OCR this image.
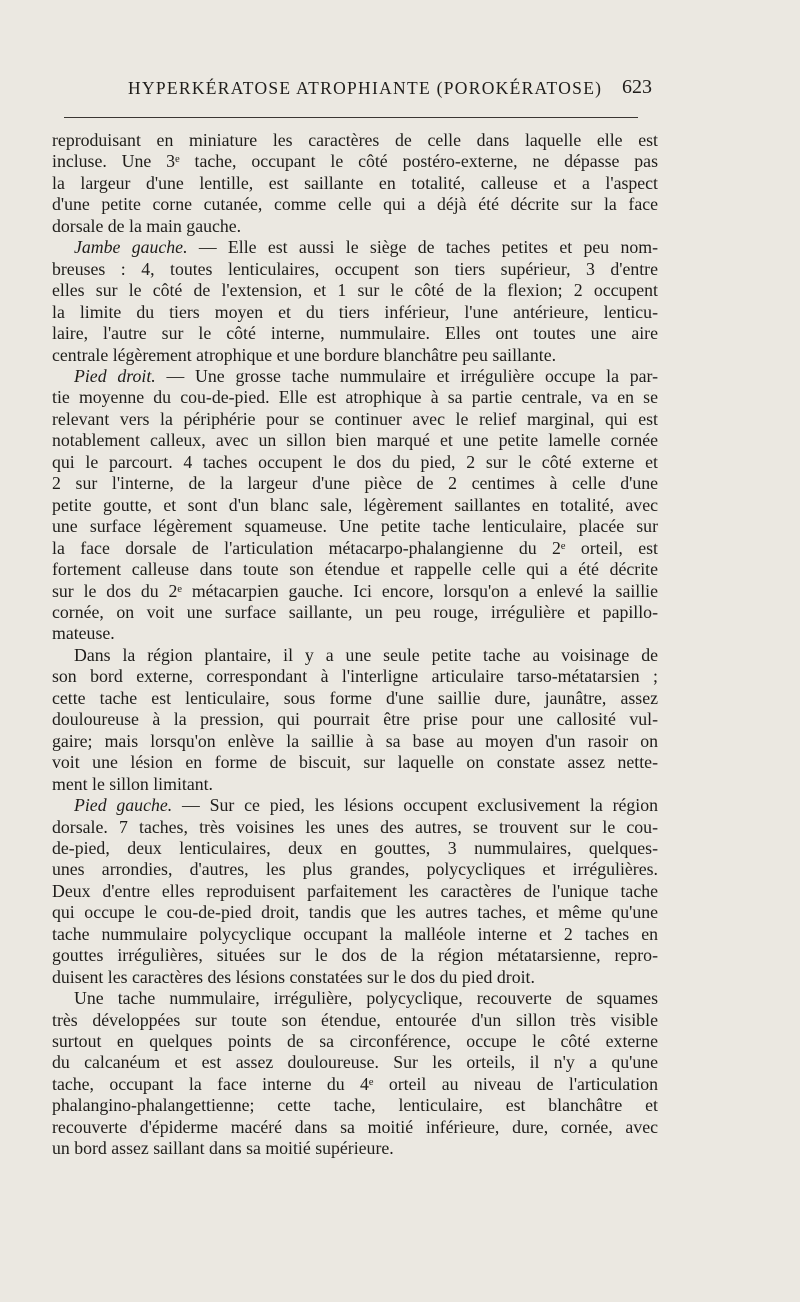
HYPERKÉRATOSE ATROPHIANTE (POROKÉRATOSE) 623

reproduisant en miniature les caractères de celle dans laquelle elle est

incluse. Une 3ᵉ tache, occupant le côté postéro-externe, ne dépasse pas

la largeur d'une lentille, est saillante en totalité, calleuse et a l'aspect

d'une petite corne cutanée, comme celle qui a déjà été décrite sur la face

dorsale de la main gauche.

Jambe gauche. — Elle est aussi le siège de taches petites et peu nom-

breuses : 4, toutes lenticulaires, occupent son tiers supérieur, 3 d'entre

elles sur le côté de l'extension, et 1 sur le côté de la flexion; 2 occupent

la limite du tiers moyen et du tiers inférieur, l'une antérieure, lenticu-

laire, l'autre sur le côté interne, nummulaire. Elles ont toutes une aire

centrale légèrement atrophique et une bordure blanchâtre peu saillante.

Pied droit. — Une grosse tache nummulaire et irrégulière occupe la par-

tie moyenne du cou-de-pied. Elle est atrophique à sa partie centrale, va en se

relevant vers la périphérie pour se continuer avec le relief marginal, qui est

notablement calleux, avec un sillon bien marqué et une petite lamelle cornée

qui le parcourt. 4 taches occupent le dos du pied, 2 sur le côté externe et

2 sur l'interne, de la largeur d'une pièce de 2 centimes à celle d'une

petite goutte, et sont d'un blanc sale, légèrement saillantes en totalité, avec

une surface légèrement squameuse. Une petite tache lenticulaire, placée sur

la face dorsale de l'articulation métacarpo-phalangienne du 2ᵉ orteil, est

fortement calleuse dans toute son étendue et rappelle celle qui a été décrite

sur le dos du 2ᵉ métacarpien gauche. Ici encore, lorsqu'on a enlevé la saillie

cornée, on voit une surface saillante, un peu rouge, irrégulière et papillo-

mateuse.

Dans la région plantaire, il y a une seule petite tache au voisinage de

son bord externe, correspondant à l'interligne articulaire tarso-métatarsien ;

cette tache est lenticulaire, sous forme d'une saillie dure, jaunâtre, assez

douloureuse à la pression, qui pourrait être prise pour une callosité vul-

gaire; mais lorsqu'on enlève la saillie à sa base au moyen d'un rasoir on

voit une lésion en forme de biscuit, sur laquelle on constate assez nette-

ment le sillon limitant.

Pied gauche. — Sur ce pied, les lésions occupent exclusivement la région

dorsale. 7 taches, très voisines les unes des autres, se trouvent sur le cou-

de-pied, deux lenticulaires, deux en gouttes, 3 nummulaires, quelques-

unes arrondies, d'autres, les plus grandes, polycycliques et irrégulières.

Deux d'entre elles reproduisent parfaitement les caractères de l'unique tache

qui occupe le cou-de-pied droit, tandis que les autres taches, et même qu'une

tache nummulaire polycyclique occupant la malléole interne et 2 taches en

gouttes irrégulières, situées sur le dos de la région métatarsienne, repro-

duisent les caractères des lésions constatées sur le dos du pied droit.

Une tache nummulaire, irrégulière, polycyclique, recouverte de squames

très développées sur toute son étendue, entourée d'un sillon très visible

surtout en quelques points de sa circonférence, occupe le côté externe

du calcanéum et est assez douloureuse. Sur les orteils, il n'y a qu'une

tache, occupant la face interne du 4ᵉ orteil au niveau de l'articulation

phalangino-phalangettienne; cette tache, lenticulaire, est blanchâtre et

recouverte d'épiderme macéré dans sa moitié inférieure, dure, cornée, avec

un bord assez saillant dans sa moitié supérieure.
